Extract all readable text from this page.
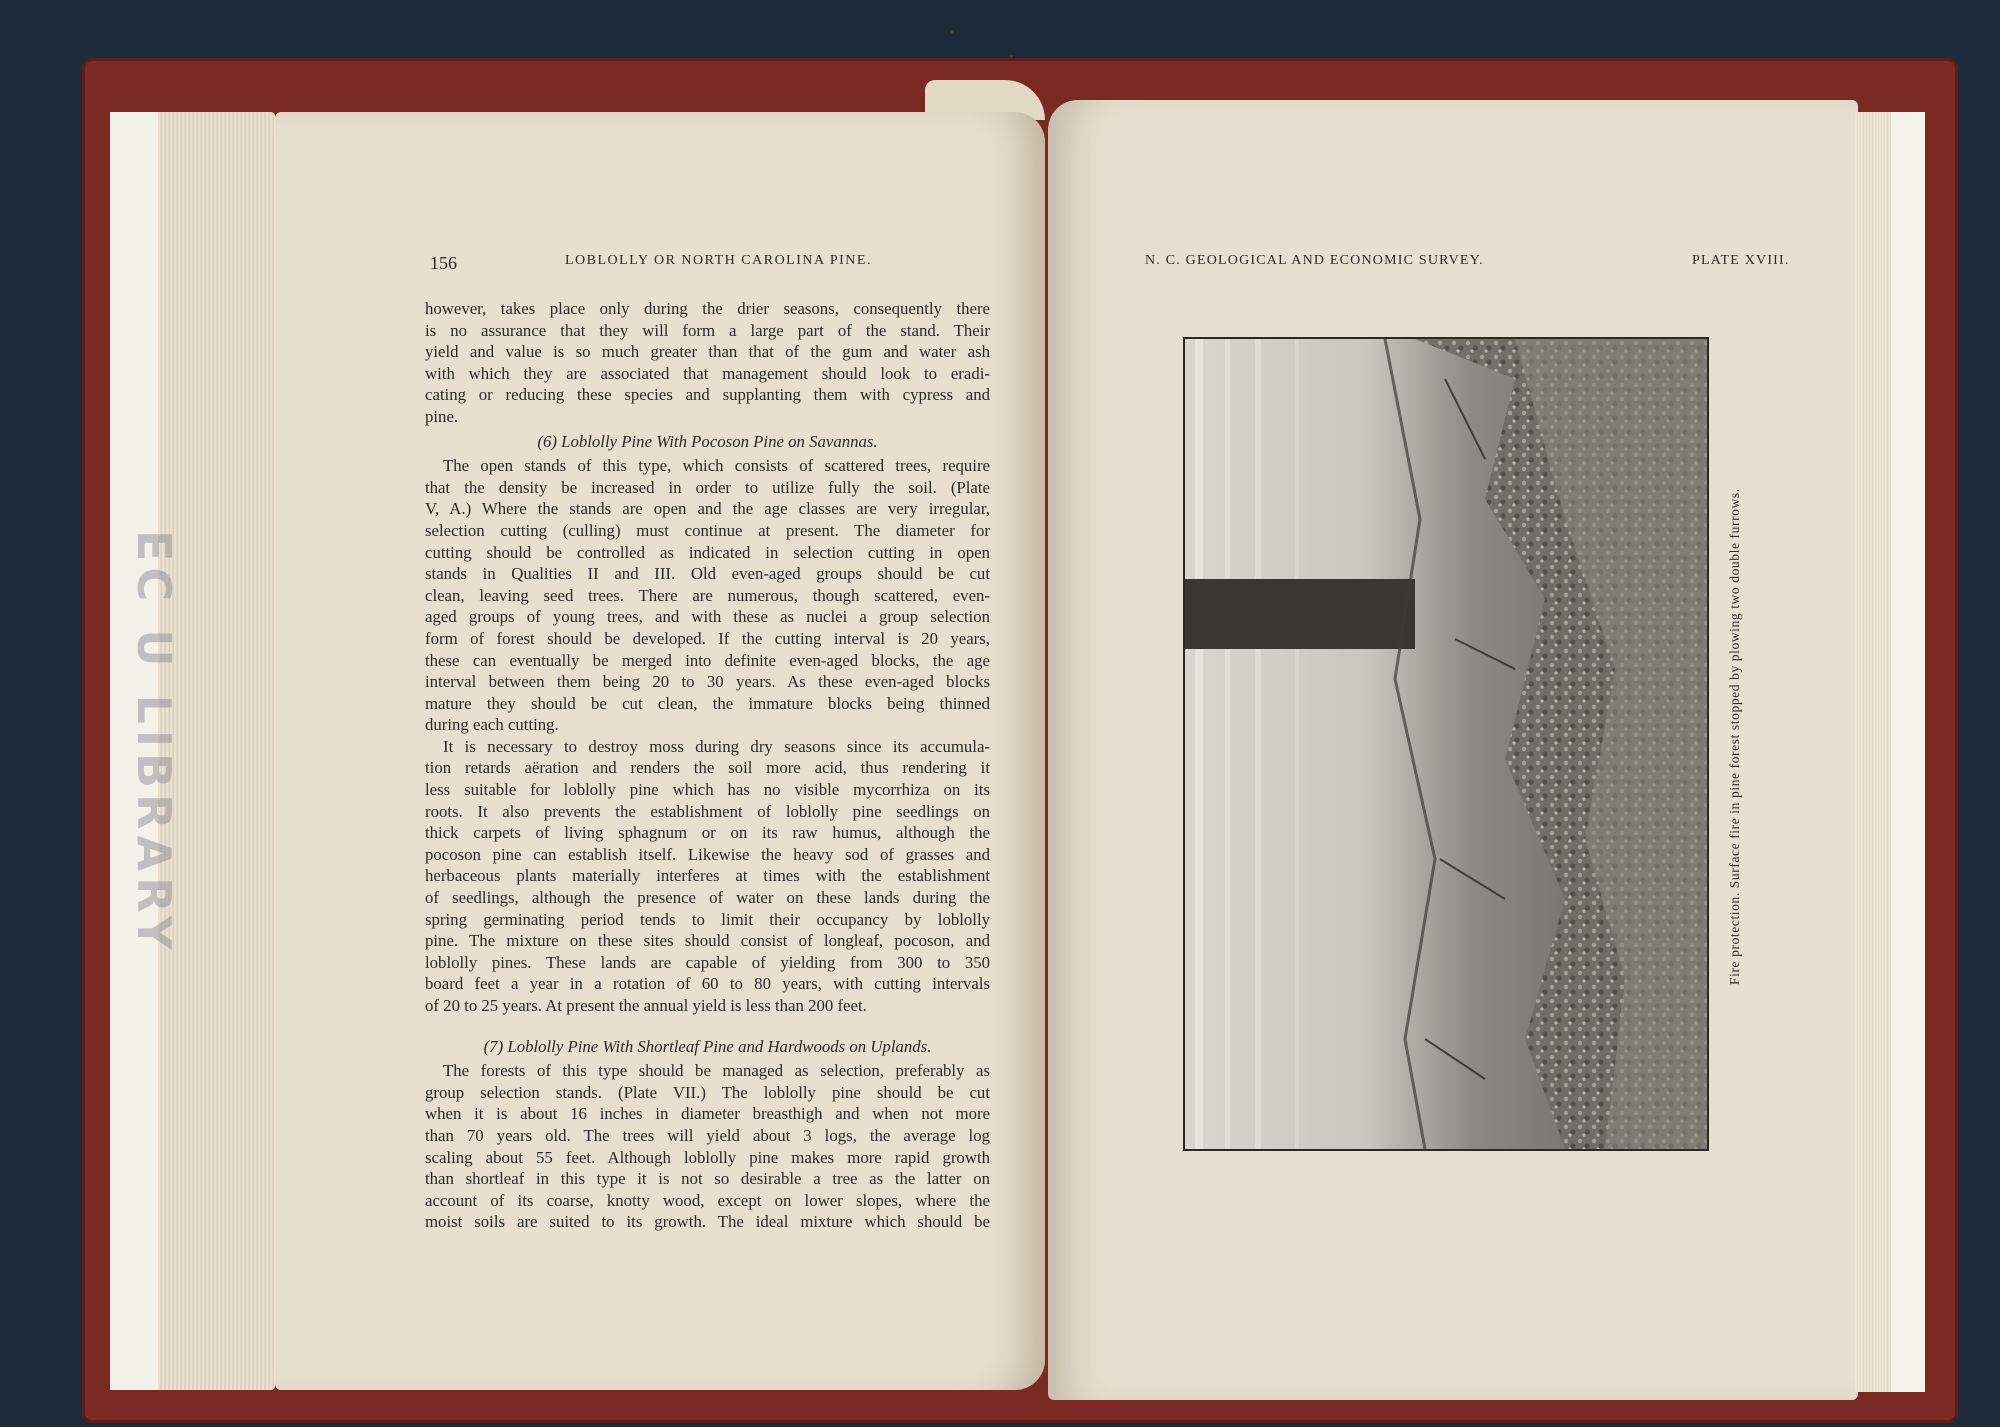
EC U LIBRARY
156	LOBLOLLY OR NORTH CAROLINA PINE.	N. C. GEOLOGICAL AND ECONOMIC SURVEY.	PLATE XVIII.
however, takes place only during the drier seasons, consequently there
is no assurance that they will form a large part of the stand. Their
yield and value is so much greater than that of the gum and water ash
with which they are associated that management should look to eradi-
cating or reducing these species and supplanting them with cypress and
pine.
(6) Loblolly Pine With Pocoson Pine on Savannas.
The open stands of this type, which consists of scattered trees, require
that the density be increased in order to utilize fully the soil. (Plate
V, A.) Where the stands are open and the age classes are very irregular,
selection cutting (culling) must continue at present. The diameter for
cutting should be controlled as indicated in selection cutting in open
stands in Qualities II and III. Old even-aged groups should be cut
clean, leaving seed trees. There are numerous, though scattered, even-
aged groups of young trees, and with these as nuclei a group selection
form of forest should be developed. If the cutting interval is 20 years,
these can eventually be merged into definite even-aged blocks, the age
interval between them being 20 to 30 years. As these even-aged blocks
mature they should be cut clean, the immature blocks being thinned
during each cutting.
It is necessary to destroy moss during dry seasons since its accumula-
tion retards aëration and renders the soil more acid, thus rendering it
less suitable for loblolly pine which has no visible mycorrhiza on its
roots. It also prevents the establishment of loblolly pine seedlings on
thick carpets of living sphagnum or on its raw humus, although the
pocoson pine can establish itself. Likewise the heavy sod of grasses and
herbaceous plants materially interferes at times with the establishment
of seedlings, although the presence of water on these lands during the
spring germinating period tends to limit their occupancy by loblolly
pine. The mixture on these sites should consist of longleaf, pocoson, and
loblolly pines. These lands are capable of yielding from 300 to 350
board feet a year in a rotation of 60 to 80 years, with cutting intervals
of 20 to 25 years. At present the annual yield is less than 200 feet.
(7) Loblolly Pine With Shortleaf Pine and Hardwoods on Uplands.
The forests of this type should be managed as selection, preferably as
group selection stands. (Plate VII.) The loblolly pine should be cut
when it is about 16 inches in diameter breasthigh and when not more
than 70 years old. The trees will yield about 3 logs, the average log
scaling about 55 feet. Although loblolly pine makes more rapid growth
than shortleaf in this type it is not so desirable a tree as the latter on
account of its coarse, knotty wood, except on lower slopes, where the
moist soils are suited to its growth. The ideal mixture which should be
Fire protection. Surface fire in pine forest stopped by plowing two double furrows.
